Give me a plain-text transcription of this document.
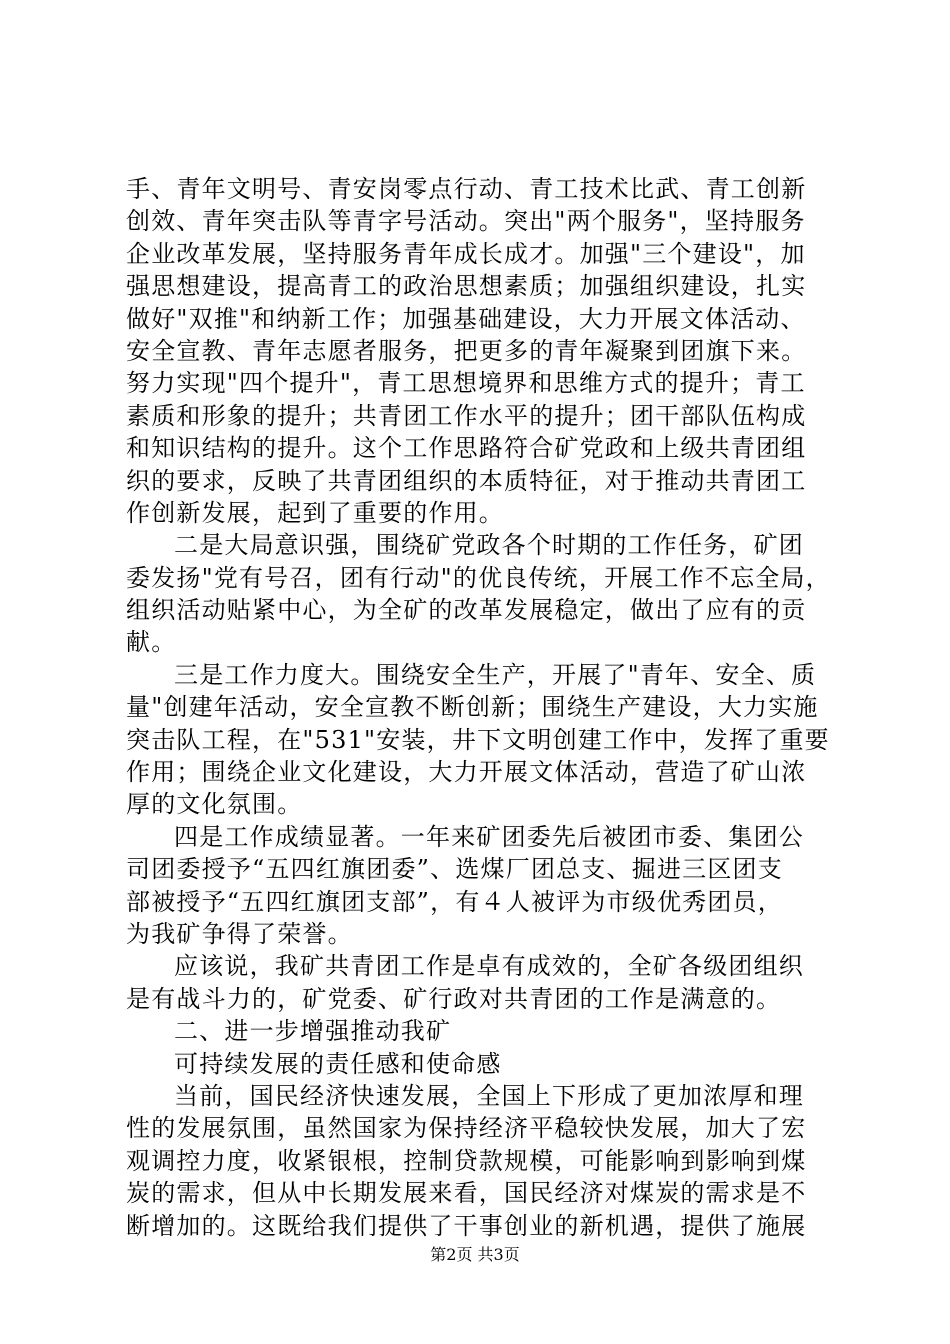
手、青年文明号、青安岗零点行动、青工技术比武、青工创新
创效、青年突击队等青字号活动。突出"两个服务"，坚持服务
企业改革发展，坚持服务青年成长成才。加强"三个建设"，加
强思想建设，提高青工的政治思想素质；加强组织建设，扎实
做好"双推"和纳新工作；加强基础建设，大力开展文体活动、
安全宣教、青年志愿者服务，把更多的青年凝聚到团旗下来。
努力实现"四个提升"，青工思想境界和思维方式的提升；青工
素质和形象的提升；共青团工作水平的提升；团干部队伍构成
和知识结构的提升。这个工作思路符合矿党政和上级共青团组
织的要求，反映了共青团组织的本质特征，对于推动共青团工
作创新发展，起到了重要的作用。
二是大局意识强，围绕矿党政各个时期的工作任务，矿团
委发扬"党有号召，团有行动"的优良传统，开展工作不忘全局，
组织活动贴紧中心，为全矿的改革发展稳定，做出了应有的贡
献。
三是工作力度大。围绕安全生产，开展了"青年、安全、质
量"创建年活动，安全宣教不断创新；围绕生产建设，大力实施
突击队工程，在"531"安装，井下文明创建工作中，发挥了重要
作用；围绕企业文化建设，大力开展文体活动，营造了矿山浓
厚的文化氛围。
四是工作成绩显著。一年来矿团委先后被团市委、集团公
司团委授予“五四红旗团委”、选煤厂团总支、掘进三区团支
部被授予“五四红旗团支部”，有４人被评为市级优秀团员，
为我矿争得了荣誉。
应该说，我矿共青团工作是卓有成效的，全矿各级团组织
是有战斗力的，矿党委、矿行政对共青团的工作是满意的。
二、进一步增强推动我矿
可持续发展的责任感和使命感
当前，国民经济快速发展，全国上下形成了更加浓厚和理
性的发展氛围，虽然国家为保持经济平稳较快发展，加大了宏
观调控力度，收紧银根，控制贷款规模，可能影响到影响到煤
炭的需求，但从中长期发展来看，国民经济对煤炭的需求是不
断增加的。这既给我们提供了干事创业的新机遇，提供了施展
第2页 共3页
